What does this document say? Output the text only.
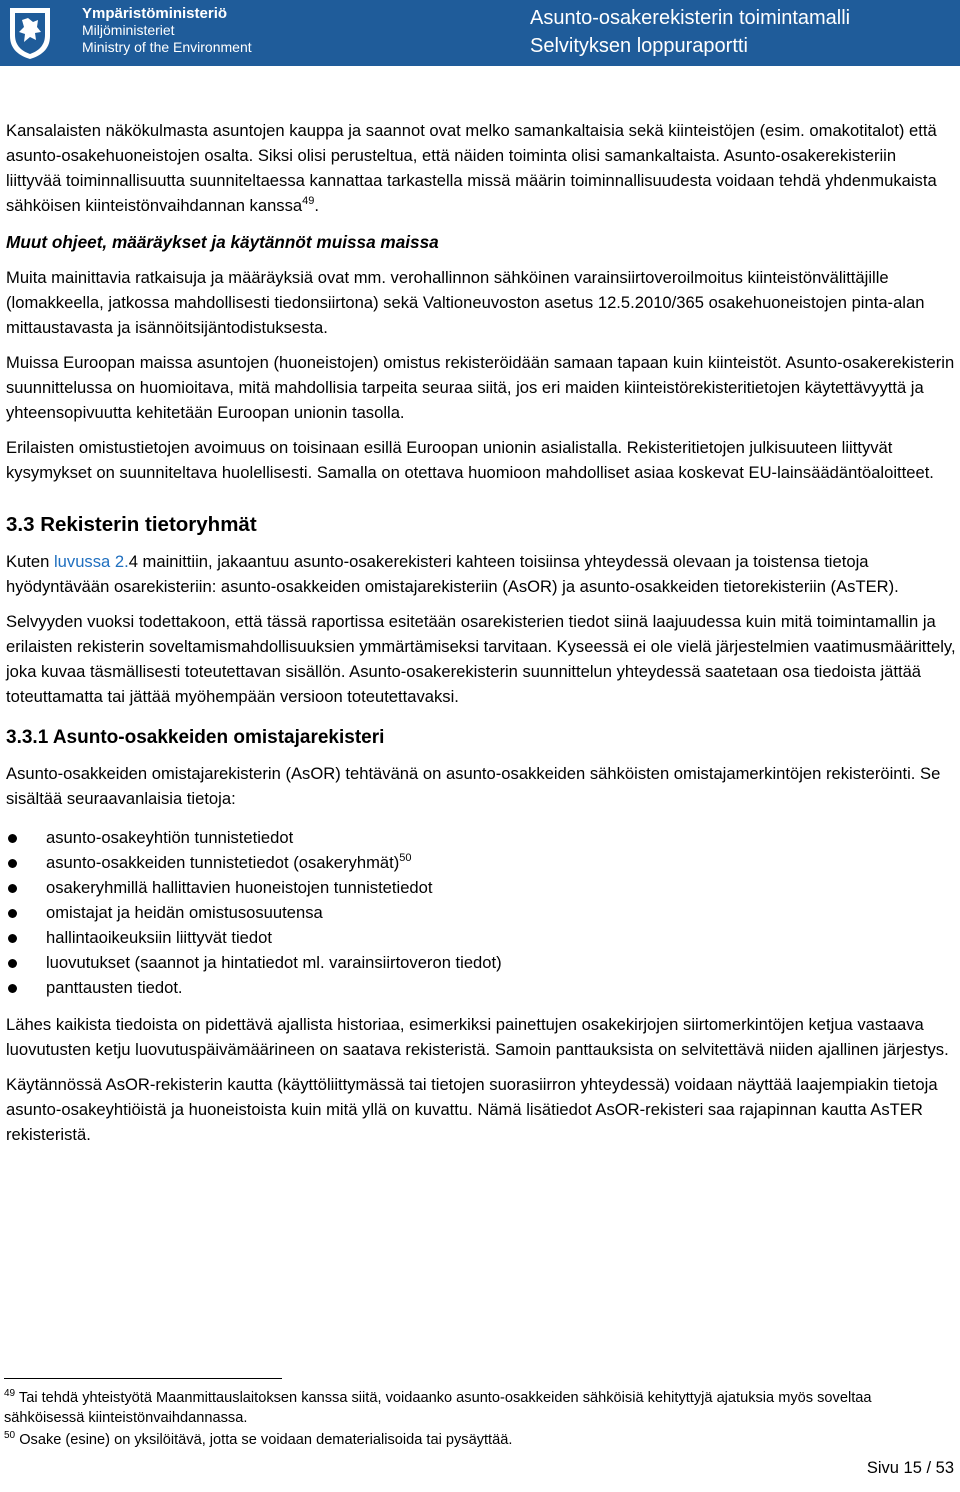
Ympäristöministeriö
Miljöministeriet
Ministry of the Environment
Asunto-osakerekisterin toimintamalli
Selvityksen loppuraportti

Kansalaisten näkökulmasta asuntojen kauppa ja saannot ovat melko samankaltaisia sekä kiinteistöjen (esim. omakotitalot) että asunto-osakehuoneistojen osalta. Siksi olisi perusteltua, että näiden toiminta olisi samankaltaista. Asunto-osakerekisteriin liittyvää toiminnallisuutta suunniteltaessa kannattaa tarkastella missä määrin toiminnallisuudesta voidaan tehdä yhdenmukaista sähköisen kiinteistönvaihdannan kanssa$^{49}$.

Muut ohjeet, määräykset ja käytännöt muissa maissa

Muita mainittavia ratkaisuja ja määräyksiä ovat mm. verohallinnon sähköinen varainsiirtoveroilmoitus kiinteistönvälittäjille (lomakkeella, jatkossa mahdollisesti tiedonsiirtona) sekä Valtioneuvoston asetus 12.5.2010/365 osakehuoneistojen pinta-alan mittaustavasta ja isännöitsijäntodistuksesta.

Muissa Euroopan maissa asuntojen (huoneistojen) omistus rekisteröidään samaan tapaan kuin kiinteistöt. Asunto-osakerekisterin suunnittelussa on huomioitava, mitä mahdollisia tarpeita seuraa siitä, jos eri maiden kiinteistörekisteritietojen käytettävyyttä ja yhteensopivuutta kehitetään Euroopan unionin tasolla.

Erilaisten omistustietojen avoimuus on toisinaan esillä Euroopan unionin asialistalla. Rekisteritietojen julkisuuteen liittyvät kysymykset on suunniteltava huolellisesti. Samalla on otettava huomioon mahdolliset asiaa koskevat EU-lainsäädäntöaloitteet.

3.3 Rekisterin tietoryhmät

Kuten luvussa 2.4 mainittiin, jakaantuu asunto-osakerekisteri kahteen toisiinsa yhteydessä olevaan ja toistensa tietoja hyödyntävään osarekisteriin: asunto-osakkeiden omistajarekisteriin (AsOR) ja asunto-osakkeiden tietorekisteriin (AsTER).

Selvyyden vuoksi todettakoon, että tässä raportissa esitetään osarekisterien tiedot siinä laajuudessa kuin mitä toimintamallin ja erilaisten rekisterin soveltamismahdollisuuksien ymmärtämiseksi tarvitaan. Kyseessä ei ole vielä järjestelmien vaatimusmäärittely, joka kuvaa täsmällisesti toteutettavan sisällön. Asunto-osakerekisterin suunnittelun yhteydessä saatetaan osa tiedoista jättää toteuttamatta tai jättää myöhempään versioon toteutettavaksi.

3.3.1 Asunto-osakkeiden omistajarekisteri

Asunto-osakkeiden omistajarekisterin (AsOR) tehtävänä on asunto-osakkeiden sähköisten omistajamerkintöjen rekisteröinti. Se sisältää seuraavanlaisia tietoja:

asunto-osakeyhtiön tunnistetiedot
asunto-osakkeiden tunnistetiedot (osakeryhmät)$^{50}$
osakeryhmillä hallittavien huoneistojen tunnistetiedot
omistajat ja heidän omistusosuutensa
hallintaoikeuksiin liittyvät tiedot
luovutukset (saannot ja hintatiedot ml. varainsiirtoveron tiedot)
panttausten tiedot.

Lähes kaikista tiedoista on pidettävä ajallista historiaa, esimerkiksi painettujen osakekirjojen siirtomerkintöjen ketjua vastaava luovutusten ketju luovutuspäivämäärineen on saatava rekisteristä. Samoin panttauksista on selvitettävä niiden ajallinen järjestys.

Käytännössä AsOR-rekisterin kautta (käyttöliittymässä tai tietojen suorasiirron yhteydessä) voidaan näyttää laajempiakin tietoja asunto-osakeyhtiöistä ja huoneistoista kuin mitä yllä on kuvattu. Nämä lisätiedot AsOR-rekisteri saa rajapinnan kautta AsTER rekisteristä.

$^{49}$ Tai tehdä yhteistyötä Maanmittauslaitoksen kanssa siitä, voidaanko asunto-osakkeiden sähköisiä kehityttyjä ajatuksia myös soveltaa sähköisessä kiinteistönvaihdannassa.

$^{50}$ Osake (esine) on yksilöitävä, jotta se voidaan dematerialisoida tai pysäyttää.

Sivu 15 / 53
